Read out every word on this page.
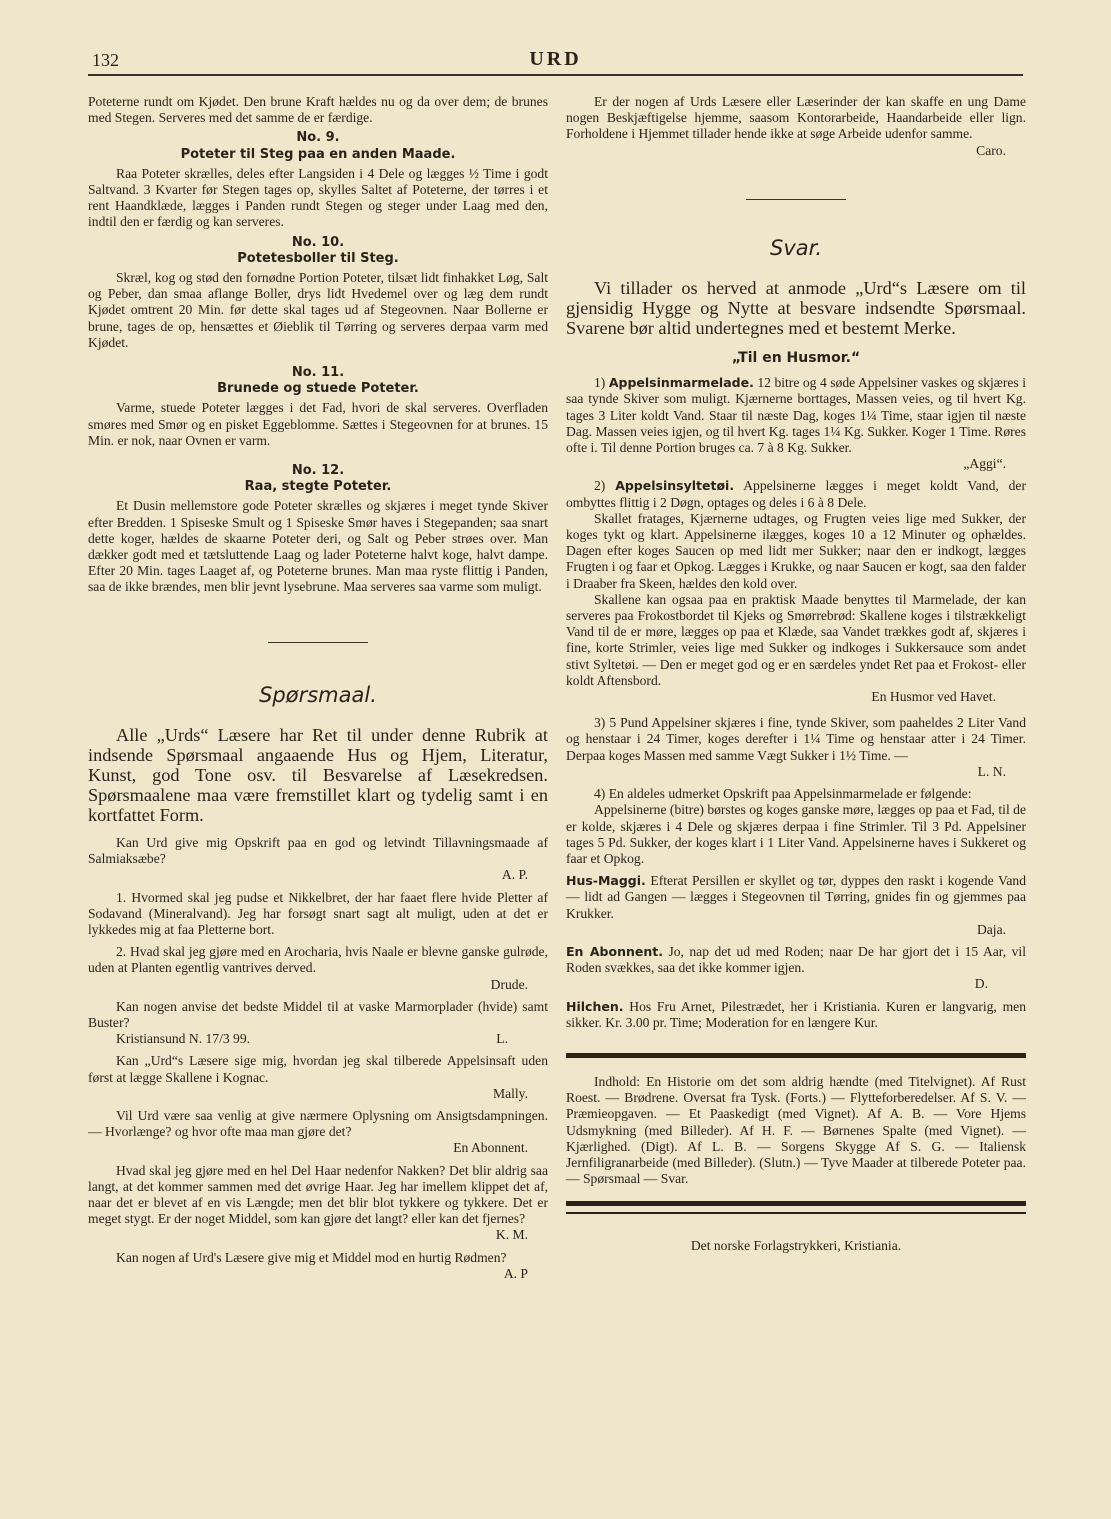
132	URD

Poteterne rundt om Kjødet. Den brune Kraft hældes nu og da over dem; de brunes med Stegen. Serveres med det samme de er færdige.

No. 9.
Poteter til Steg paa en anden Maade.

Raa Poteter skrælles, deles efter Langsiden i 4 Dele og lægges ½ Time i godt Saltvand. 3 Kvarter før Stegen tages op, skylles Saltet af Poteterne, der tørres i et rent Haandklæde, lægges i Panden rundt Stegen og steger under Laag med den, indtil den er færdig og kan serveres.

No. 10.
Potetesboller til Steg.

Skræl, kog og stød den fornødne Portion Poteter, tilsæt lidt finhakket Løg, Salt og Peber, dan smaa aflange Boller, drys lidt Hvedemel over og læg dem rundt Kjødet omtrent 20 Min. før dette skal tages ud af Stegeovnen. Naar Bollerne er brune, tages de op, hensættes et Øieblik til Tørring og serveres derpaa varm med Kjødet.

No. 11.
Brunede og stuede Poteter.

Varme, stuede Poteter lægges i det Fad, hvori de skal serveres. Overfladen smøres med Smør og en pisket Eggeblomme. Sættes i Stegeovnen for at brunes. 15 Min. er nok, naar Ovnen er varm.

No. 12.
Raa, stegte Poteter.

Et Dusin mellemstore gode Poteter skrælles og skjæres i meget tynde Skiver efter Bredden. 1 Spiseske Smult og 1 Spiseske Smør haves i Stegepanden; saa snart dette koger, hældes de skaarne Poteter deri, og Salt og Peber strøes over. Man dækker godt med et tætsluttende Laag og lader Poteterne halvt koge, halvt dampe. Efter 20 Min. tages Laaget af, og Poteterne brunes. Man maa ryste flittig i Panden, saa de ikke brændes, men blir jevnt lysebrune. Maa serveres saa varme som muligt.

Spørsmaal.

Alle „Urds“ Læsere har Ret til under denne Rubrik at indsende Spørsmaal angaaende Hus og Hjem, Literatur, Kunst, god Tone osv. til Besvarelse af Læsekredsen. Spørsmaalene maa være fremstillet klart og tydelig samt i en kortfattet Form.

Kan Urd give mig Opskrift paa en god og letvindt Tillavningsmaade af Salmiaksæbe?

A. P.

1. Hvormed skal jeg pudse et Nikkelbret, der har faaet flere hvide Pletter af Sodavand (Mineralvand). Jeg har forsøgt snart sagt alt muligt, uden at det er lykkedes mig at faa Pletterne bort.

2. Hvad skal jeg gjøre med en Arocharia, hvis Naale er blevne ganske gulrøde, uden at Planten egentlig vantrives derved.

Drude.

Kan nogen anvise det bedste Middel til at vaske Marmorplader (hvide) samt Buster?

Kristiansund N. 17/3 99.	L.

Kan „Urd“s Læsere sige mig, hvordan jeg skal tilberede Appelsinsaft uden først at lægge Skallene i Kognac.

Mally.

Vil Urd være saa venlig at give nærmere Oplysning om Ansigtsdampningen. — Hvorlænge? og hvor ofte maa man gjøre det?

En Abonnent.

Hvad skal jeg gjøre med en hel Del Haar nedenfor Nakken? Det blir aldrig saa langt, at det kommer sammen med det øvrige Haar. Jeg har imellem klippet det af, naar det er blevet af en vis Længde; men det blir blot tykkere og tykkere. Det er meget stygt. Er der noget Middel, som kan gjøre det langt? eller kan det fjernes?

K. M.

Kan nogen af Urd's Læsere give mig et Middel mod en hurtig Rødmen?

A. P

Er der nogen af Urds Læsere eller Læserinder der kan skaffe en ung Dame nogen Beskjæftigelse hjemme, saasom Kontorarbeide, Haandarbeide eller lign. Forholdene i Hjemmet tillader hende ikke at søge Arbeide udenfor samme.

Caro.

Svar.

Vi tillader os herved at anmode „Urd“s Læsere om til gjensidig Hygge og Nytte at besvare indsendte Spørsmaal. Svarene bør altid undertegnes med et bestemt Merke.

„Til en Husmor.“

1) Appelsinmarmelade. 12 bitre og 4 søde Appelsiner vaskes og skjæres i saa tynde Skiver som muligt. Kjærnerne borttages, Massen veies, og til hvert Kg. tages 3 Liter koldt Vand. Staar til næste Dag, koges 1¼ Time, staar igjen til næste Dag. Massen veies igjen, og til hvert Kg. tages 1¼ Kg. Sukker. Koger 1 Time. Røres ofte i. Til denne Portion bruges ca. 7 à 8 Kg. Sukker.

„Aggi“.

2) Appelsinsyltetøi. Appelsinerne lægges i meget koldt Vand, der ombyttes flittig i 2 Døgn, optages og deles i 6 à 8 Dele.

Skallet fratages, Kjærnerne udtages, og Frugten veies lige med Sukker, der koges tykt og klart. Appelsinerne ilægges, koges 10 a 12 Minuter og ophældes. Dagen efter koges Saucen op med lidt mer Sukker; naar den er indkogt, lægges Frugten i og faar et Opkog. Lægges i Krukke, og naar Saucen er kogt, saa den falder i Draaber fra Skeen, hældes den kold over.

Skallene kan ogsaa paa en praktisk Maade benyttes til Marmelade, der kan serveres paa Frokostbordet til Kjeks og Smørrebrød: Skallene koges i tilstrækkeligt Vand til de er møre, lægges op paa et Klæde, saa Vandet trækkes godt af, skjæres i fine, korte Strimler, veies lige med Sukker og indkoges i Sukkersauce som andet stivt Syltetøi. — Den er meget god og er en særdeles yndet Ret paa et Frokost- eller koldt Aftensbord.

En Husmor ved Havet.

3) 5 Pund Appelsiner skjæres i fine, tynde Skiver, som paaheldes 2 Liter Vand og henstaar i 24 Timer, koges derefter i 1¼ Time og henstaar atter i 24 Timer. Derpaa koges Massen med samme Vægt Sukker i 1½ Time. —

L. N.

4) En aldeles udmerket Opskrift paa Appelsinmarmelade er følgende:

Appelsinerne (bitre) børstes og koges ganske møre, lægges op paa et Fad, til de er kolde, skjæres i 4 Dele og skjæres derpaa i fine Strimler. Til 3 Pd. Appelsiner tages 5 Pd. Sukker, der koges klart i 1 Liter Vand. Appelsinerne haves i Sukkeret og faar et Opkog.

Hus-Maggi. Efterat Persillen er skyllet og tør, dyppes den raskt i kogende Vand — lidt ad Gangen — lægges i Stegeovnen til Tørring, gnides fin og gjemmes paa Krukker.

Daja.

En Abonnent. Jo, nap det ud med Roden; naar De har gjort det i 15 Aar, vil Roden svækkes, saa det ikke kommer igjen.

D.

Hilchen. Hos Fru Arnet, Pilestrædet, her i Kristiania. Kuren er langvarig, men sikker. Kr. 3.00 pr. Time; Moderation for en længere Kur.

Indhold: En Historie om det som aldrig hændte (med Titelvignet). Af Rust Roest. — Brødrene. Oversat fra Tysk. (Forts.) — Flytteforberedelser. Af S. V. — Præmieopgaven. — Et Paaskedigt (med Vignet). Af A. B. — Vore Hjems Udsmykning (med Billeder). Af H. F. — Børnenes Spalte (med Vignet). — Kjærlighed. (Digt). Af L. B. — Sorgens Skygge Af S. G. — Italiensk Jernfiligranarbeide (med Billeder). (Slutn.) — Tyve Maader at tilberede Poteter paa. — Spørsmaal — Svar.

Det norske Forlagstrykkeri, Kristiania.
